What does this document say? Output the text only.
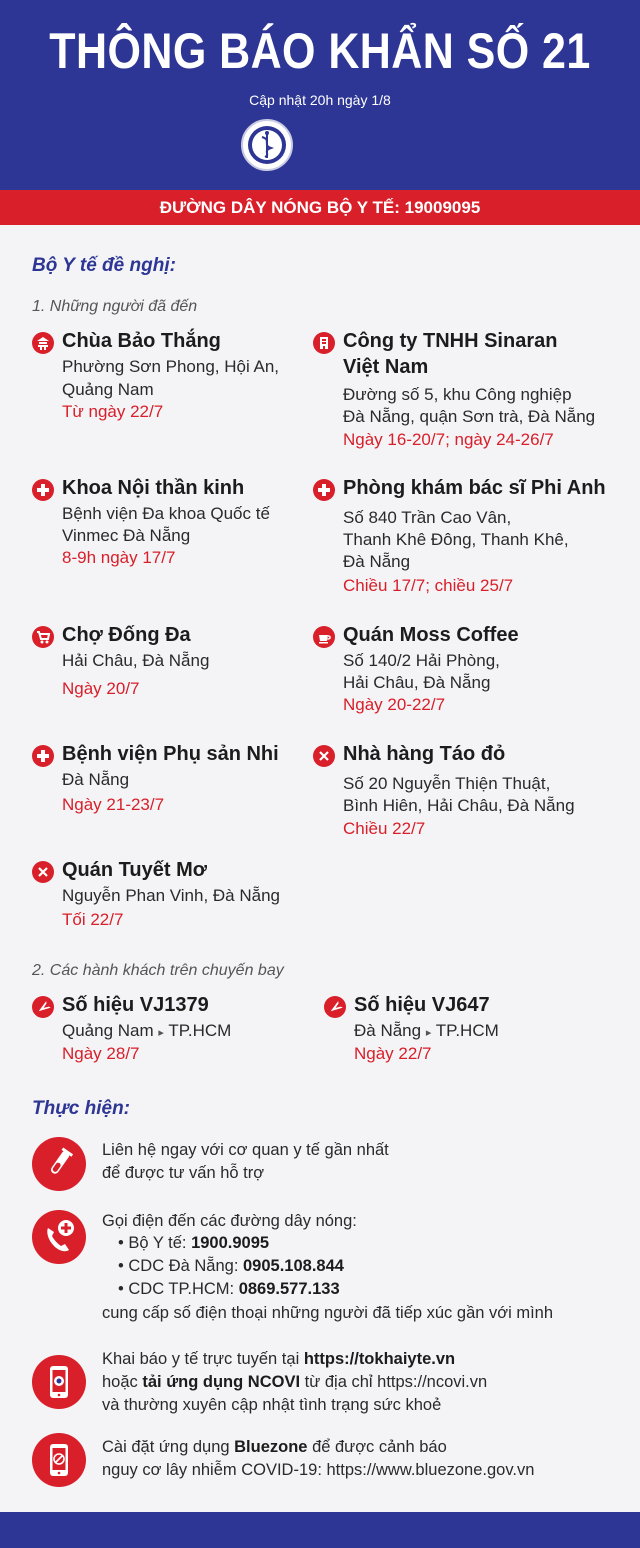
THÔNG BÁO KHẨN SỐ 21
Cập nhật 20h ngày 1/8
ĐƯỜNG DÂY NÓNG BỘ Y TẾ: 19009095
Bộ Y tế đề nghị:
1. Những người đã đến
Chùa Bảo Thắng
Phường Sơn Phong, Hội An,
Quảng Nam
Từ ngày 22/7
Công ty TNHH Sinaran
Việt Nam
Đường số 5, khu Công nghiệp
Đà Nẵng, quận Sơn trà, Đà Nẵng
Ngày 16-20/7; ngày 24-26/7
Khoa Nội thần kinh
Bệnh viện Đa khoa Quốc tế
Vinmec Đà Nẵng
8-9h ngày 17/7
Phòng khám bác sĩ Phi Anh
Số 840 Trần Cao Vân,
Thanh Khê Đông, Thanh Khê,
Đà Nẵng
Chiều 17/7; chiều 25/7
Chợ Đống Đa
Hải Châu, Đà Nẵng
Ngày 20/7
Quán Moss Coffee
Số 140/2 Hải Phòng,
Hải Châu, Đà Nẵng
Ngày 20-22/7
Bệnh viện Phụ sản Nhi
Đà Nẵng
Ngày 21-23/7
Nhà hàng Táo đỏ
Số 20 Nguyễn Thiện Thuật,
Bình Hiên, Hải Châu, Đà Nẵng
Chiều 22/7
Quán Tuyết Mơ
Nguyễn Phan Vinh, Đà Nẵng
Tối 22/7
2. Các hành khách trên chuyến bay
Số hiệu VJ1379
Quảng Nam ▸ TP.HCM
Ngày 28/7
Số hiệu VJ647
Đà Nẵng ▸ TP.HCM
Ngày 22/7
Thực hiện:
Liên hệ ngay với cơ quan y tế gần nhất
để được tư vấn hỗ trợ
Gọi điện đến các đường dây nóng:
• Bộ Y tế: 1900.9095
• CDC Đà Nẵng: 0905.108.844
• CDC TP.HCM: 0869.577.133
cung cấp số điện thoại những người đã tiếp xúc gần với mình
Khai báo y tế trực tuyến tại https://tokhaiyte.vn
hoặc tải ứng dụng NCOVI từ địa chỉ https://ncovi.vn
và thường xuyên cập nhật tình trạng sức khoẻ
Cài đặt ứng dụng Bluezone để được cảnh báo
nguy cơ lây nhiễm COVID-19: https://www.bluezone.gov.vn
